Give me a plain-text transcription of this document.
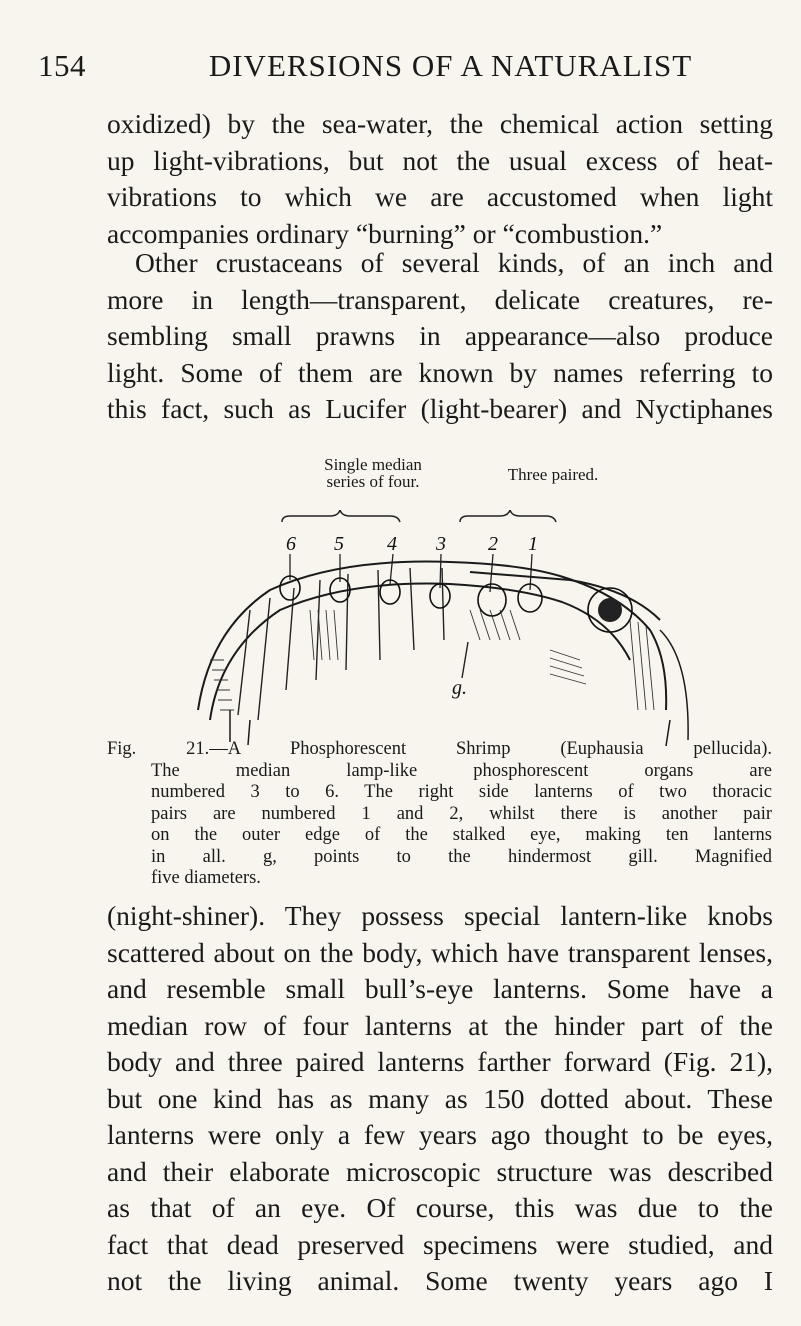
154	DIVERSIONS OF A NATURALIST

oxidized) by the sea-water, the chemical action setting
up light-vibrations, but not the usual excess of heat-
vibrations to which we are accustomed when light
accompanies ordinary “burning” or “combustion.”

Other crustaceans of several kinds, of an inch and
more in length—transparent, delicate creatures, re-
sembling small prawns in appearance—also produce
light. Some of them are known by names referring to
this fact, such as Lucifer (light-bearer) and Nyctiphanes

Single median
series of four.	Three paired.
6 5 4 3 2 1
g.
Fig. 21.—A Phosphorescent Shrimp (Euphausia pellucida).
The median lamp-like phosphorescent organs are
numbered 3 to 6. The right side lanterns of two thoracic
pairs are numbered 1 and 2, whilst there is another pair
on the outer edge of the stalked eye, making ten lanterns
in all. g, points to the hindermost gill. Magnified
five diameters.

(night-shiner). They possess special lantern-like knobs
scattered about on the body, which have transparent lenses,
and resemble small bull’s-eye lanterns. Some have a
median row of four lanterns at the hinder part of the
body and three paired lanterns farther forward (Fig. 21),
but one kind has as many as 150 dotted about. These
lanterns were only a few years ago thought to be eyes,
and their elaborate microscopic structure was described
as that of an eye. Of course, this was due to the
fact that dead preserved specimens were studied, and
not the living animal. Some twenty years ago I
